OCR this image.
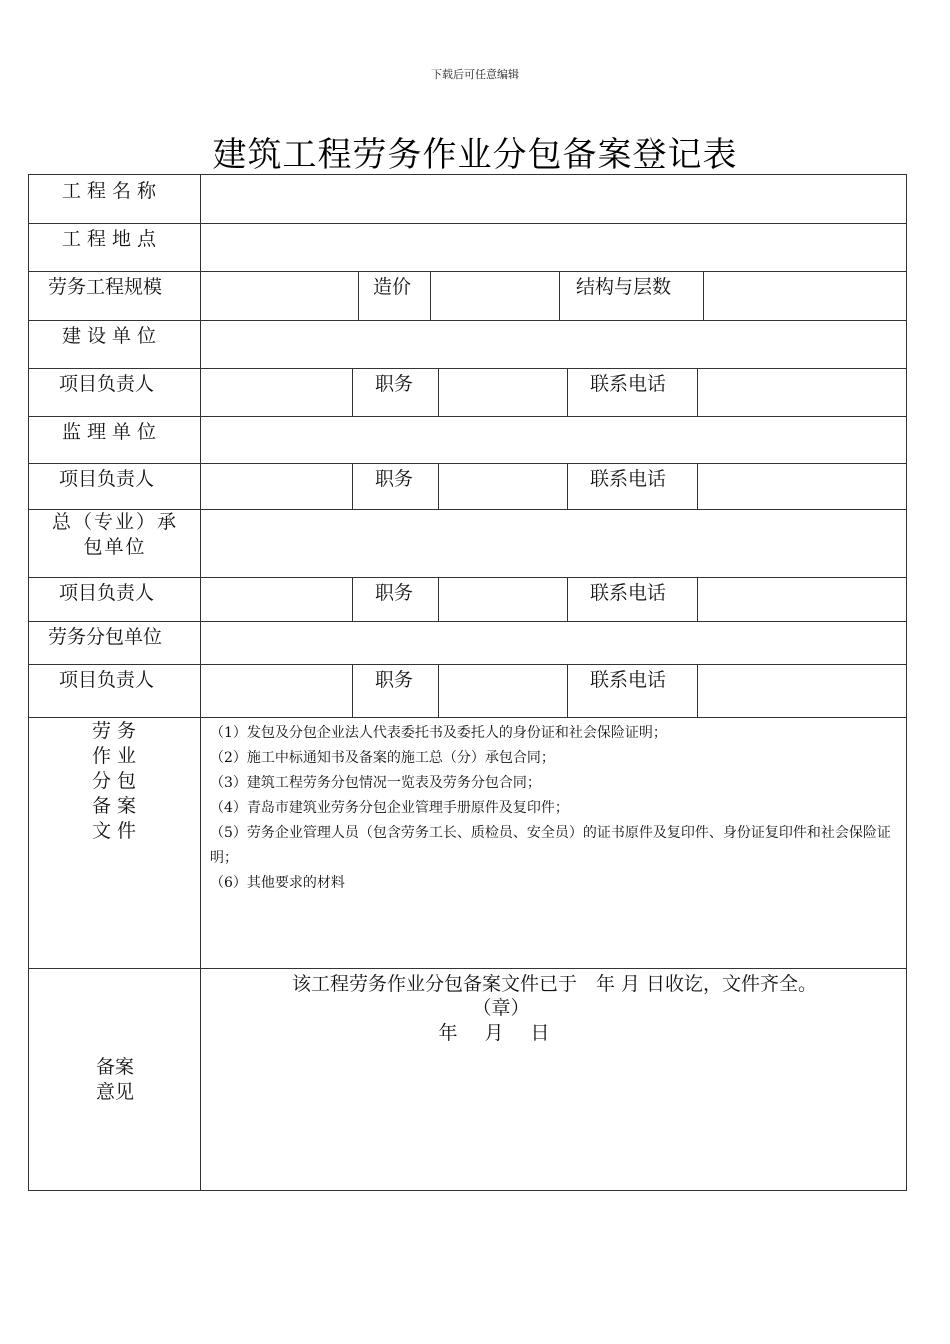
下载后可任意编辑
建筑工程劳务作业分包备案登记表
工程名称
工程地点
劳务工程规模	造价	结构与层数
建设单位
项目负责人	职务	联系电话
监理单位
项目负责人	职务	联系电话
总（专业）承包单位
项目负责人	职务	联系电话
劳务分包单位
项目负责人	职务	联系电话
劳务作业分包备案文件
（1）发包及分包企业法人代表委托书及委托人的身份证和社会保险证明；
（2）施工中标通知书及备案的施工总（分）承包合同；
（3）建筑工程劳务分包情况一览表及劳务分包合同；
（4）青岛市建筑业劳务分包企业管理手册原件及复印件；
（5）劳务企业管理人员（包含劳务工长、质检员、安全员）的证书原件及复印件、身份证复印件和社会保险证明；
（6）其他要求的材料
备案意见
该工程劳务作业分包备案文件已于　年 月 日收讫，文件齐全。
（章）
年　月　日
